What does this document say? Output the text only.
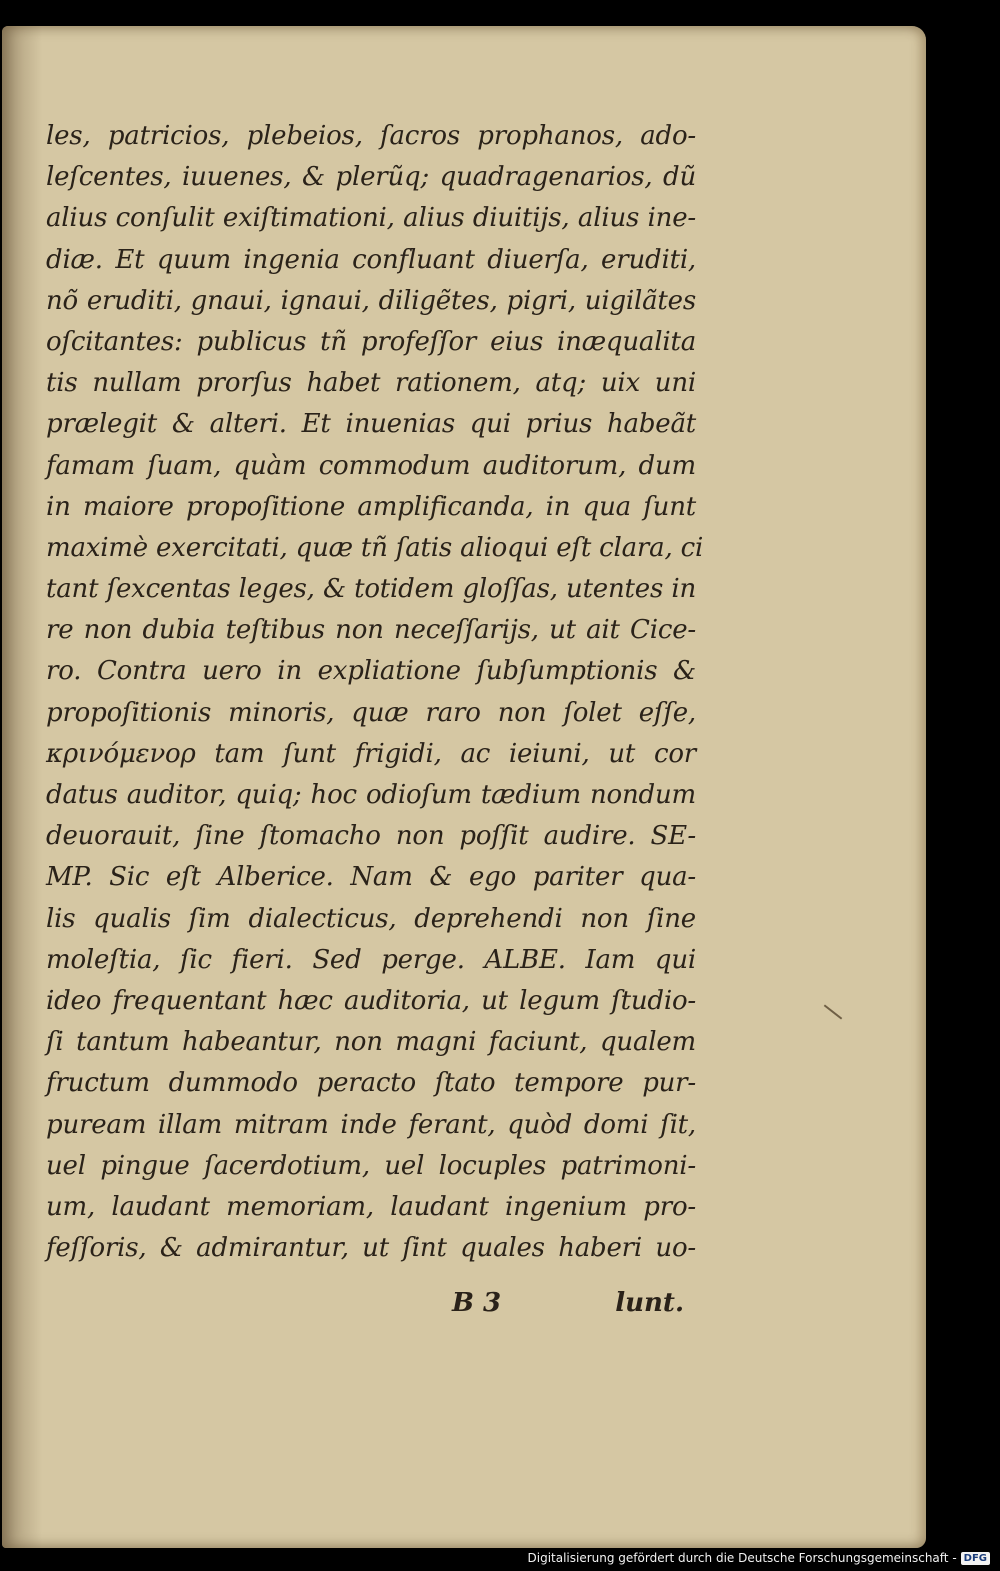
les, patricios, plebeios, ſacros prophanos, ado-
leſcentes, iuuenes, & plerũq; quadragenarios, dũ
alius conſulit exiſtimationi, alius diuitijs, alius ine-
diæ. Et quum ingenia confluant diuerſa, eruditi,
nõ eruditi, gnaui, ignaui, diligẽtes, pigri, uigilãtes
oſcitantes: publicus tñ profeſſor eius inæqualita
tis nullam prorſus habet rationem, atq; uix uni
prælegit & alteri. Et inuenias qui prius habeãt
famam ſuam, quàm commodum auditorum, dum
in maiore propoſitione amplificanda, in qua ſunt
maximè exercitati, quæ tñ ſatis alioqui eſt clara, ci
tant ſexcentas leges, & totidem gloſſas, utentes in
re non dubia teſtibus non neceſſarijs, ut ait Cice-
ro. Contra uero in expliatione ſubſumptionis &
propoſitionis minoris, quæ raro non ſolet eſſe,
κρινόμενορ tam ſunt frigidi, ac ieiuni, ut cor
datus auditor, quiq; hoc odioſum tædium nondum
deuorauit, ſine ſtomacho non poſſit audire. SE-
MP. Sic eſt Alberice. Nam & ego pariter qua-
lis qualis ſim dialecticus, deprehendi non ſine
moleſtia, ſic fieri. Sed perge. ALBE. Iam qui
ideo frequentant hæc auditoria, ut legum ſtudio-
ſi tantum habeantur, non magni faciunt, qualem
fructum dummodo peracto ſtato tempore pur-
puream illam mitram inde ferant, quòd domi ſit,
uel pingue ſacerdotium, uel locuples patrimoni-
um, laudant memoriam, laudant ingenium pro-
feſſoris, & admirantur, ut ſint quales haberi uo-
B 3	lunt.
Digitalisierung gefördert durch die Deutsche Forschungsgemeinschaft - DFG
